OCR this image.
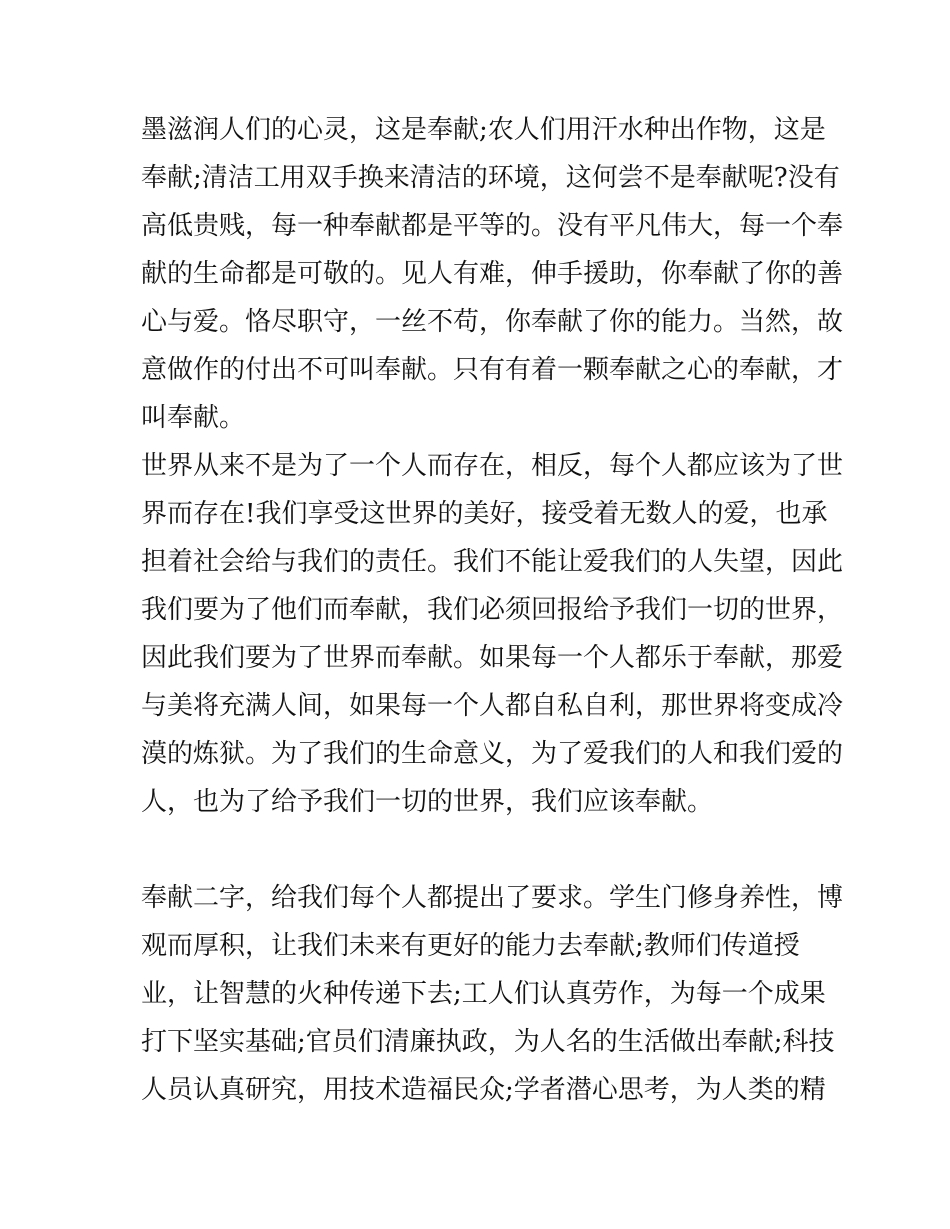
墨滋润人们的心灵，这是奉献;农人们用汗水种出作物，这是
奉献;清洁工用双手换来清洁的环境，这何尝不是奉献呢?没有
高低贵贱，每一种奉献都是平等的。没有平凡伟大，每一个奉
献的生命都是可敬的。见人有难，伸手援助，你奉献了你的善
心与爱。恪尽职守，一丝不苟，你奉献了你的能力。当然，故
意做作的付出不可叫奉献。只有有着一颗奉献之心的奉献，才
叫奉献。
世界从来不是为了一个人而存在，相反，每个人都应该为了世
界而存在!我们享受这世界的美好，接受着无数人的爱，也承
担着社会给与我们的责任。我们不能让爱我们的人失望，因此
我们要为了他们而奉献，我们必须回报给予我们一切的世界，
因此我们要为了世界而奉献。如果每一个人都乐于奉献，那爱
与美将充满人间，如果每一个人都自私自利，那世界将变成冷
漠的炼狱。为了我们的生命意义，为了爱我们的人和我们爱的
人，也为了给予我们一切的世界，我们应该奉献。
奉献二字，给我们每个人都提出了要求。学生门修身养性，博
观而厚积，让我们未来有更好的能力去奉献;教师们传道授
业，让智慧的火种传递下去;工人们认真劳作，为每一个成果
打下坚实基础;官员们清廉执政，为人名的生活做出奉献;科技
人员认真研究，用技术造福民众;学者潜心思考，为人类的精
